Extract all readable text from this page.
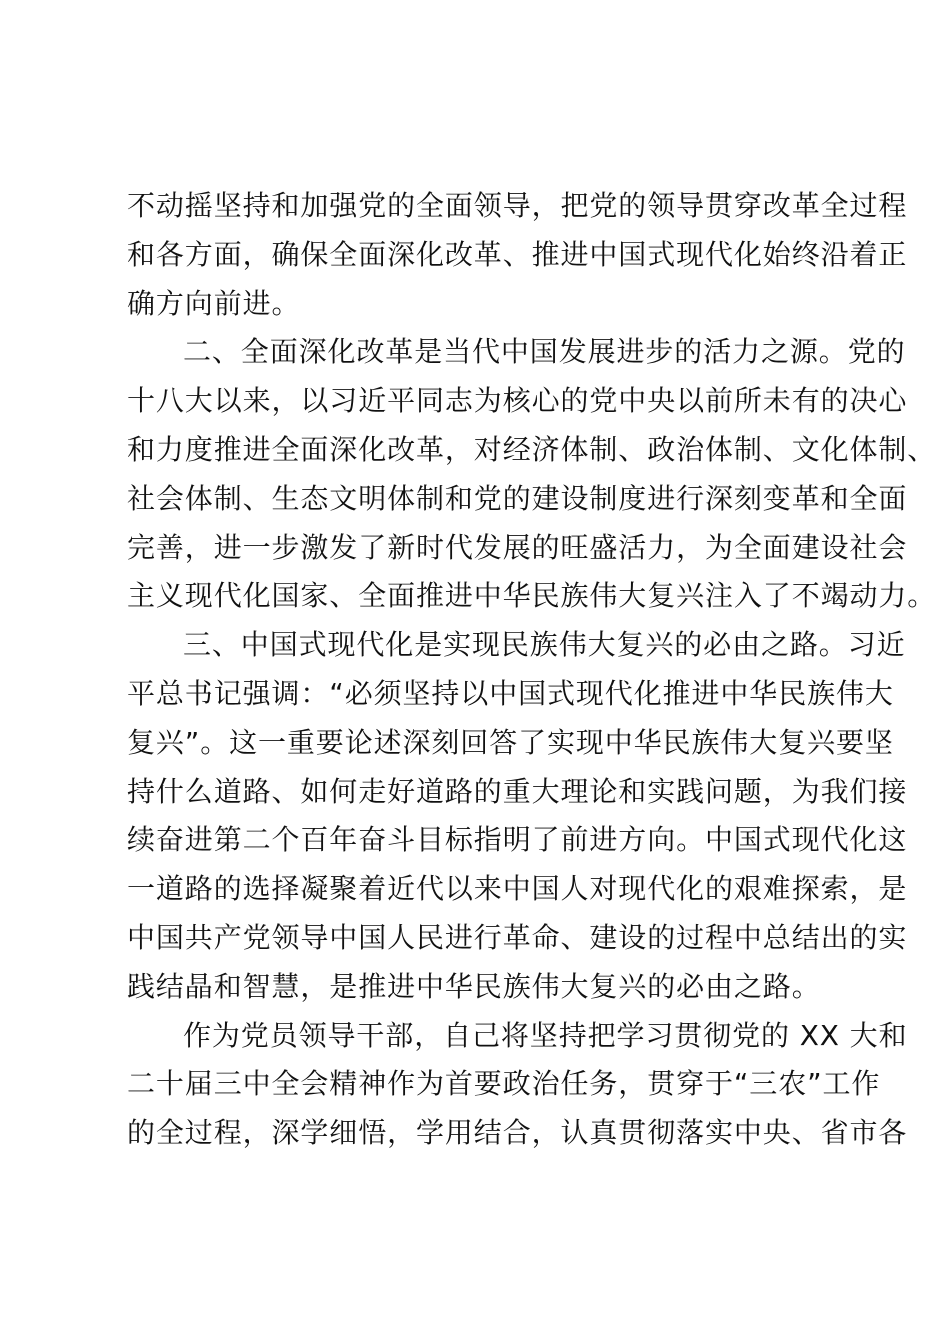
不动摇坚持和加强党的全面领导，把党的领导贯穿改革全过程
和各方面，确保全面深化改革、推进中国式现代化始终沿着正
确方向前进。
二、全面深化改革是当代中国发展进步的活力之源。党的
十八大以来，以习近平同志为核心的党中央以前所未有的决心
和力度推进全面深化改革，对经济体制、政治体制、文化体制、
社会体制、生态文明体制和党的建设制度进行深刻变革和全面
完善，进一步激发了新时代发展的旺盛活力，为全面建设社会
主义现代化国家、全面推进中华民族伟大复兴注入了不竭动力。
三、中国式现代化是实现民族伟大复兴的必由之路。习近
平总书记强调：“必须坚持以中国式现代化推进中华民族伟大
复兴”。这一重要论述深刻回答了实现中华民族伟大复兴要坚
持什么道路、如何走好道路的重大理论和实践问题，为我们接
续奋进第二个百年奋斗目标指明了前进方向。中国式现代化这
一道路的选择凝聚着近代以来中国人对现代化的艰难探索，是
中国共产党领导中国人民进行革命、建设的过程中总结出的实
践结晶和智慧，是推进中华民族伟大复兴的必由之路。
作为党员领导干部，自己将坚持把学习贯彻党的 XX 大和
二十届三中全会精神作为首要政治任务，贯穿于“三农”工作
的全过程，深学细悟，学用结合，认真贯彻落实中央、省市各
